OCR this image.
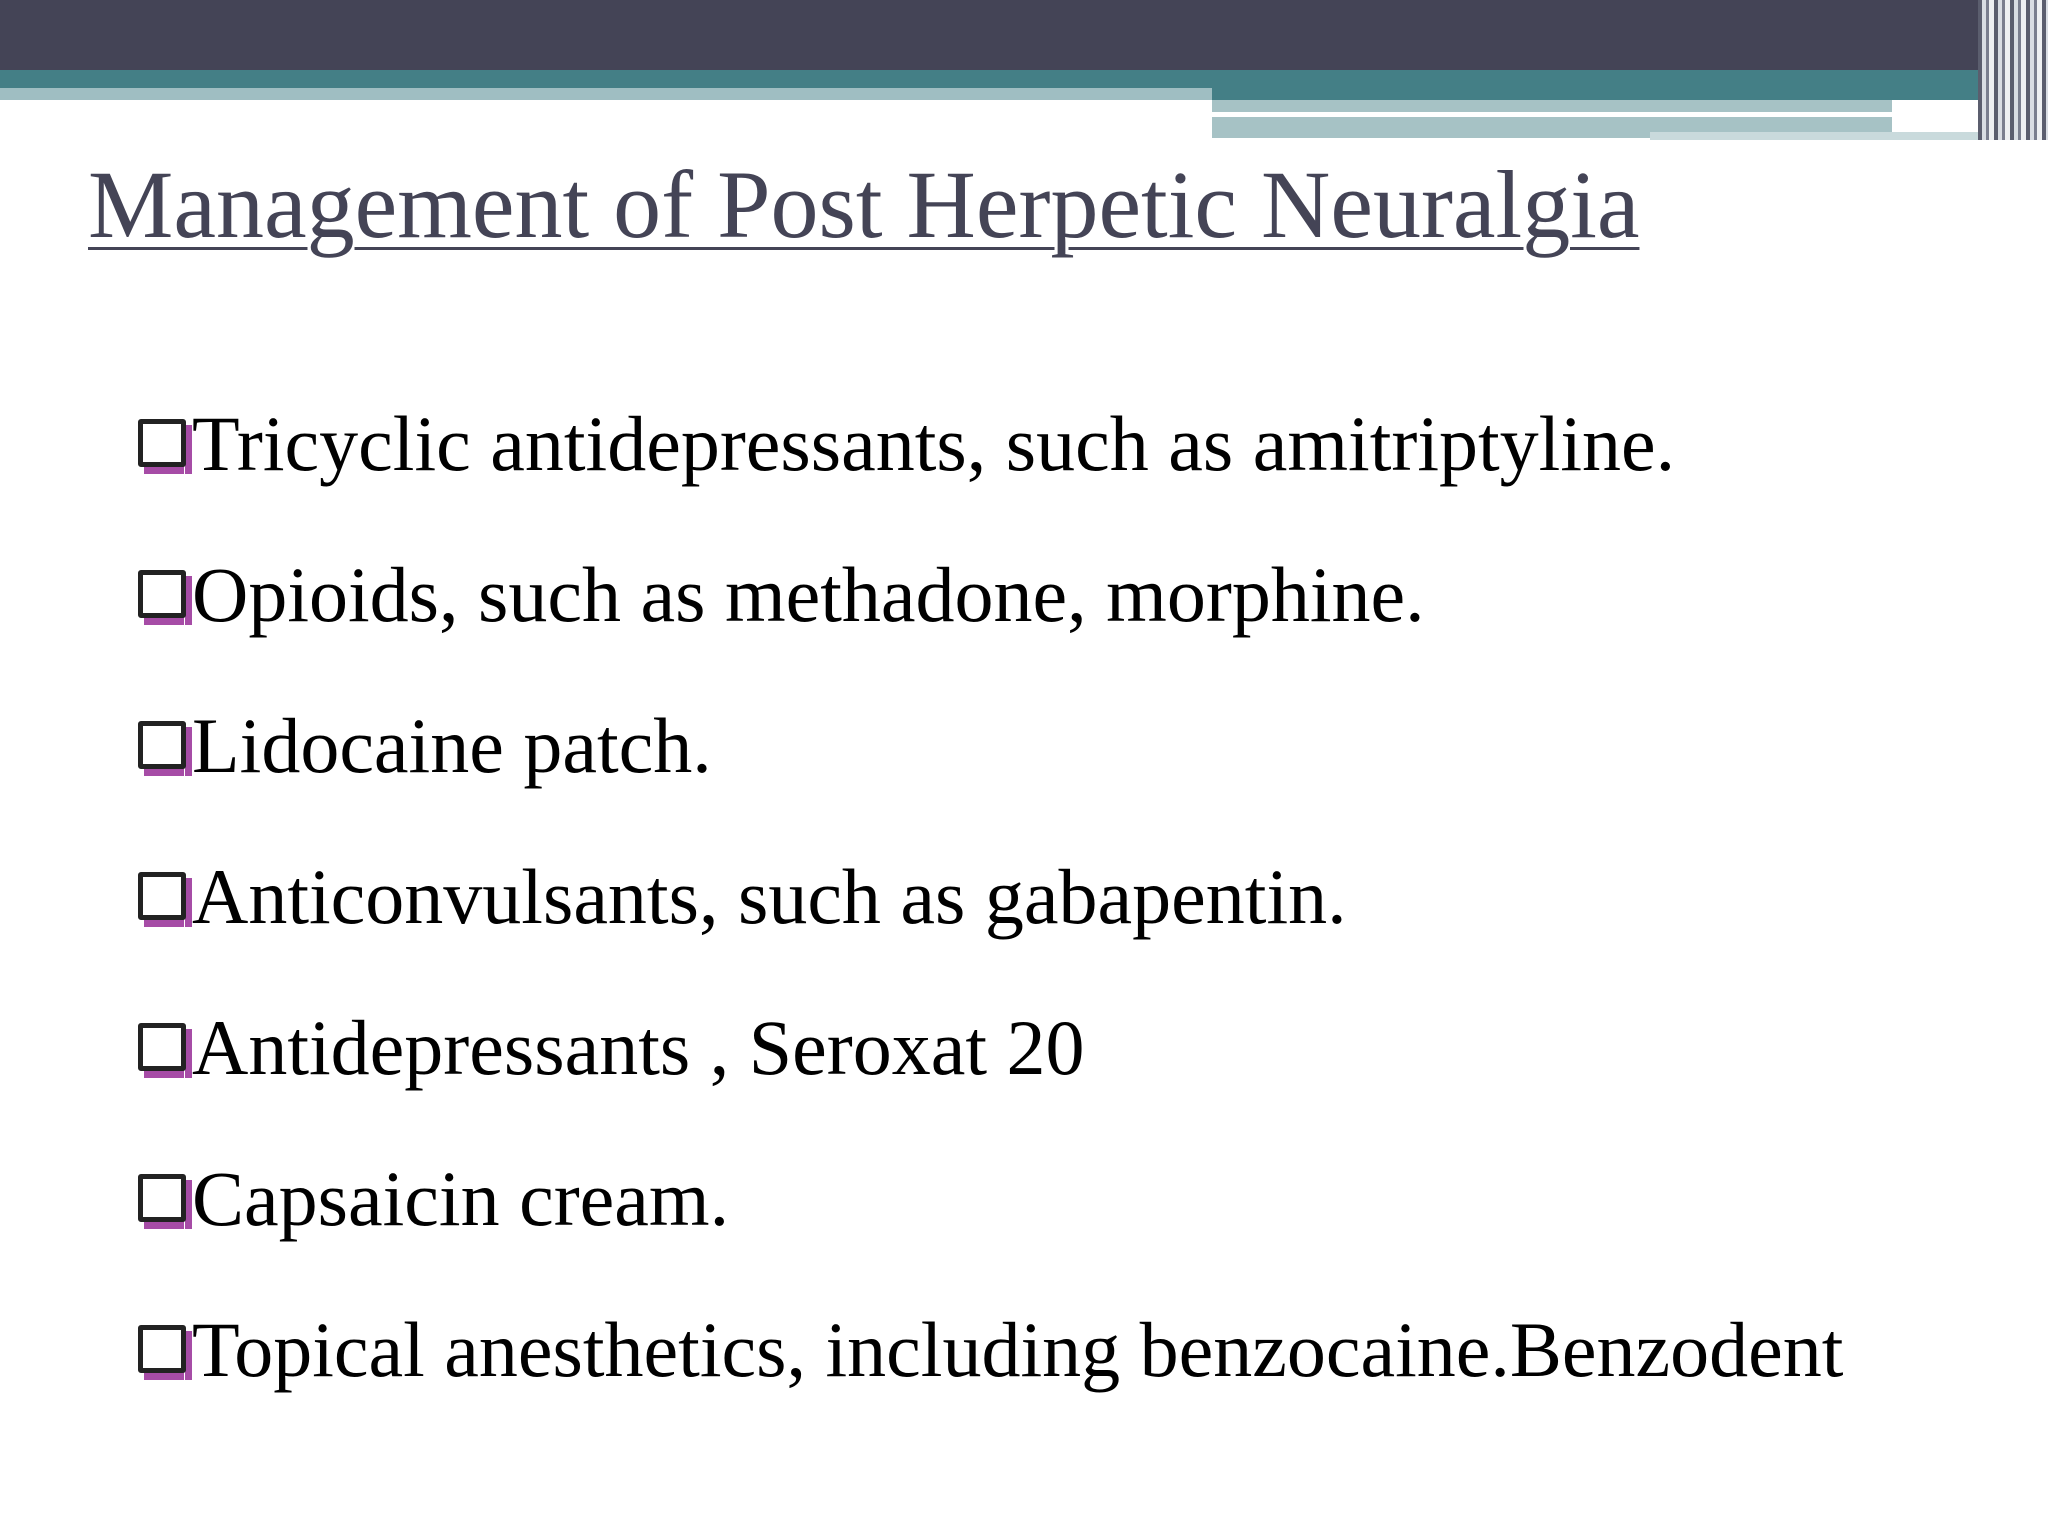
Management of Post Herpetic Neuralgia
Tricyclic antidepressants, such as amitriptyline.
Opioids, such as methadone, morphine.
Lidocaine patch.
Anticonvulsants, such as gabapentin.
Antidepressants , Seroxat 20
Capsaicin cream.
Topical anesthetics, including benzocaine.Benzodent
